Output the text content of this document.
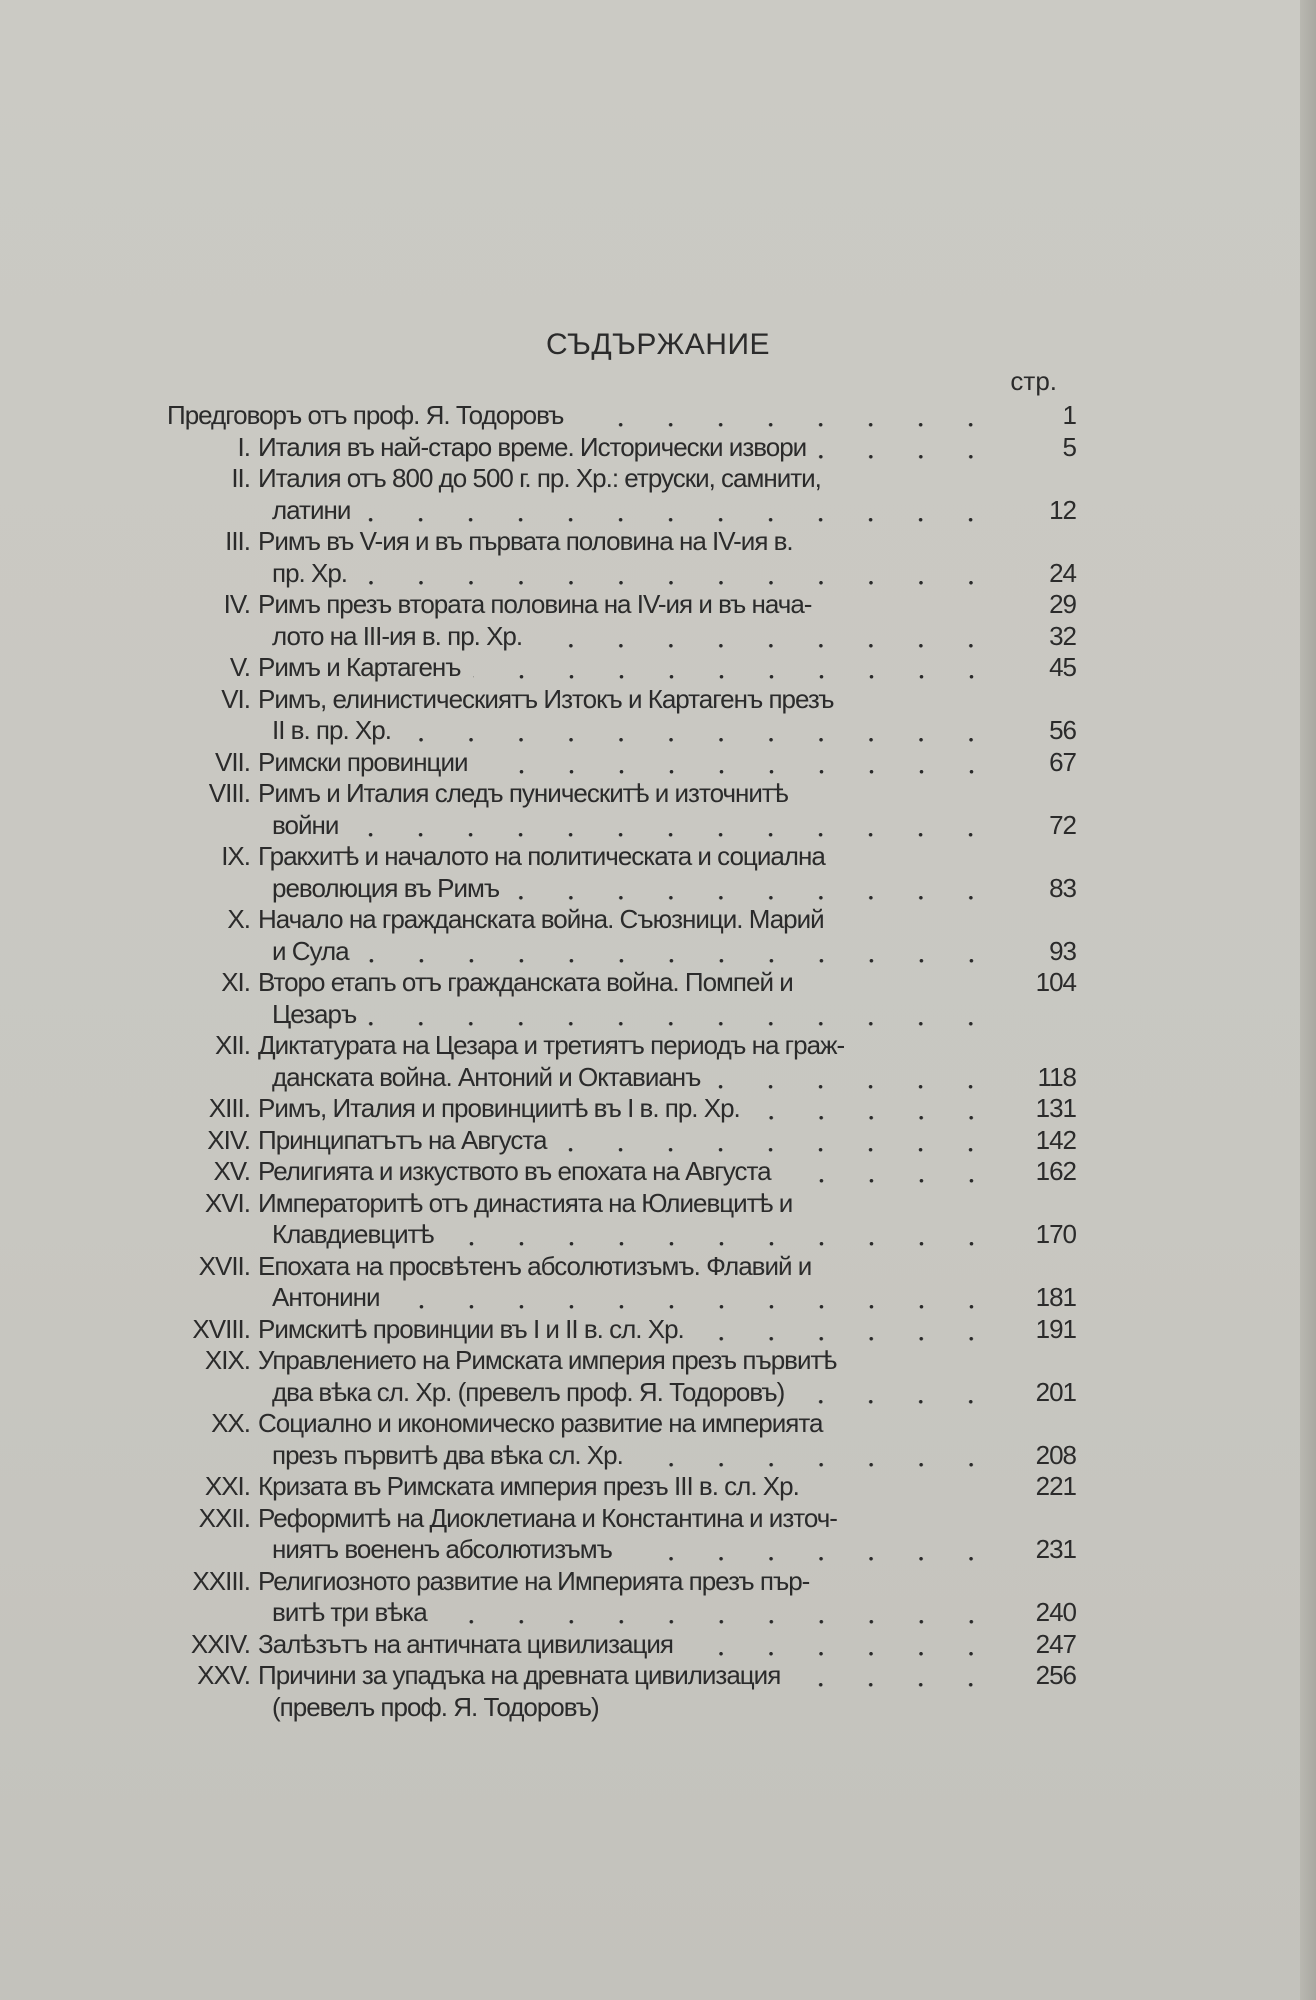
СЪДЪРЖАНИЕ
стр.
Предговоръ отъ проф. Я. Тодоровъ	1
I. Италия въ най-старо време. Исторически извори	5
II. Италия отъ 800 до 500 г. пр. Хр.: етруски, самнити,
латини	12
III. Римъ въ V-ия и въ първата половина на IV-ия в.
пр. Хр.	24
IV. Римъ презъ втората половина на IV-ия и въ нача-	29
лото на III-ия в. пр. Хр.	32
V. Римъ и Картагенъ	45
VI. Римъ, елинистическиятъ Изтокъ и Картагенъ презъ
II в. пр. Хр.	56
VII. Римски провинции	67
VIII. Римъ и Италия следъ пуническитѣ и източнитѣ
войни	72
IX. Гракхитѣ и началото на политическата и социална
революция въ Римъ	83
X. Начало на гражданската война. Съюзници. Марий
и Сула	93
XI. Второ етапъ отъ гражданската война. Помпей и	104
Цезаръ
XII. Диктатурата на Цезара и третиятъ периодъ на граж-
данската война. Антоний и Октавианъ	118
XIII. Римъ, Италия и провинциитѣ въ I в. пр. Хр.	131
XIV. Принципатътъ на Августа	142
XV. Религията и изкуството въ епохата на Августа	162
XVI. Императоритѣ отъ династията на Юлиевцитѣ и
Клавдиевцитѣ	170
XVII. Епохата на просвѣтенъ абсолютизъмъ. Флавий и
Антонини	181
XVIII. Римскитѣ провинции въ I и II в. сл. Хр.	191
XIX. Управлението на Римската империя презъ първитѣ
два вѣка сл. Хр. (превелъ проф. Я. Тодоровъ)	201
XX. Социално и икономическо развитие на империята
презъ първитѣ два вѣка сл. Хр.	208
XXI. Кризата въ Римската империя презъ III в. сл. Хр.	221
XXII. Реформитѣ на Диоклетиана и Константина и източ-
ниятъ воененъ абсолютизъмъ	231
XXIII. Религиозното развитие на Империята презъ пър-
витѣ три вѣка	240
XXIV. Залѣзътъ на античната цивилизация	247
XXV. Причини за упадъка на древната цивилизация	256
(превелъ проф. Я. Тодоровъ)
